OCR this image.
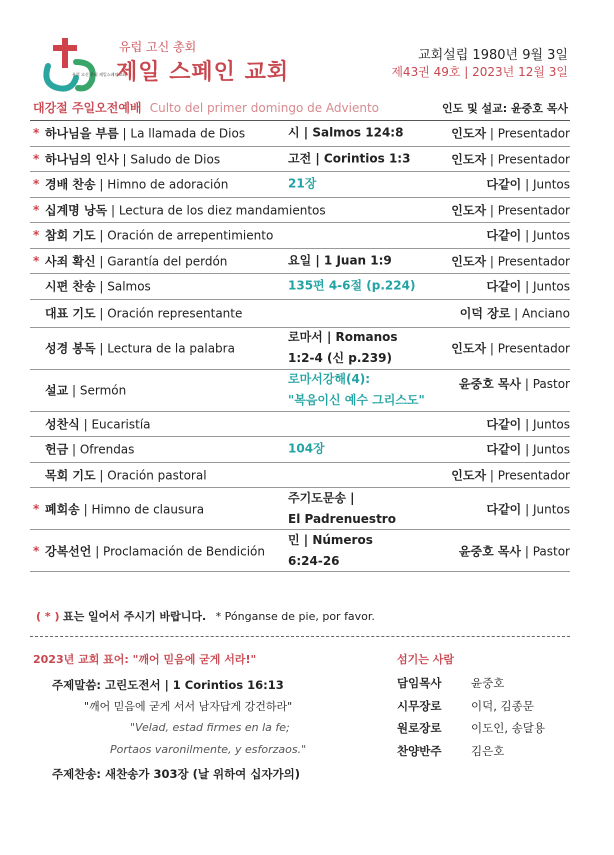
유럽 고신 총회 제일스페인교회
유럽 고신 총회
제일 스페인 교회
교회설립 1980년 9월 3일
제43권 49호 | 2023년 12월 3일
대강절 주일오전예배 Culto del primer domingo de Adviento	인도 및 설교: 윤중호 목사
* 하나님을 부름 | La llamada de Dios	시 | Salmos 124:8	인도자 | Presentador
* 하나님의 인사 | Saludo de Dios	고전 | Corintios 1:3	인도자 | Presentador
* 경배 찬송 | Himno de adoración	21장	다같이 | Juntos
* 십계명 낭독 | Lectura de los diez mandamientos	인도자 | Presentador
* 참회 기도 | Oración de arrepentimiento	다같이 | Juntos
* 사죄 확신 | Garantía del perdón	요일 | 1 Juan 1:9	인도자 | Presentador
시편 찬송 | Salmos	135편 4-6절 (p.224)	다같이 | Juntos
대표 기도 | Oración representante	이덕 장로 | Anciano
성경 봉독 | Lectura de la palabra
로마서 | Romanos
1:2-4 (신 p.239)
인도자 | Presentador
설교 | Sermón
로마서강해(4):
"복음이신 예수 그리스도"
윤중호 목사 | Pastor
성찬식 | Eucaristía	다같이 | Juntos
헌금 | Ofrendas	104장	다같이 | Juntos
목회 기도 | Oración pastoral	인도자 | Presentador
* 폐회송 | Himno de clausura
주기도문송 |
El Padrenuestro
다같이 | Juntos
* 강복선언 | Proclamación de Bendición
민 | Números
6:24-26
윤중호 목사 | Pastor
( * ) 표는 일어서 주시기 바랍니다. * Pónganse de pie, por favor.
2023년 교회 표어: "깨어 믿음에 굳게 서라!"
주제말씀: 고린도전서 | 1 Corintios 16:13
"깨어 믿음에 굳게 서서 남자답게 강건하라"
"Velad, estad firmes en la fe;
Portaos varonilmente, y esforzaos."
주제찬송: 새찬송가 303장 (날 위하여 십자가의)
섬기는 사람
담임목사	윤중호
시무장로	이덕, 김종문
원로장로	이도인, 송달용
찬양반주	김은호
